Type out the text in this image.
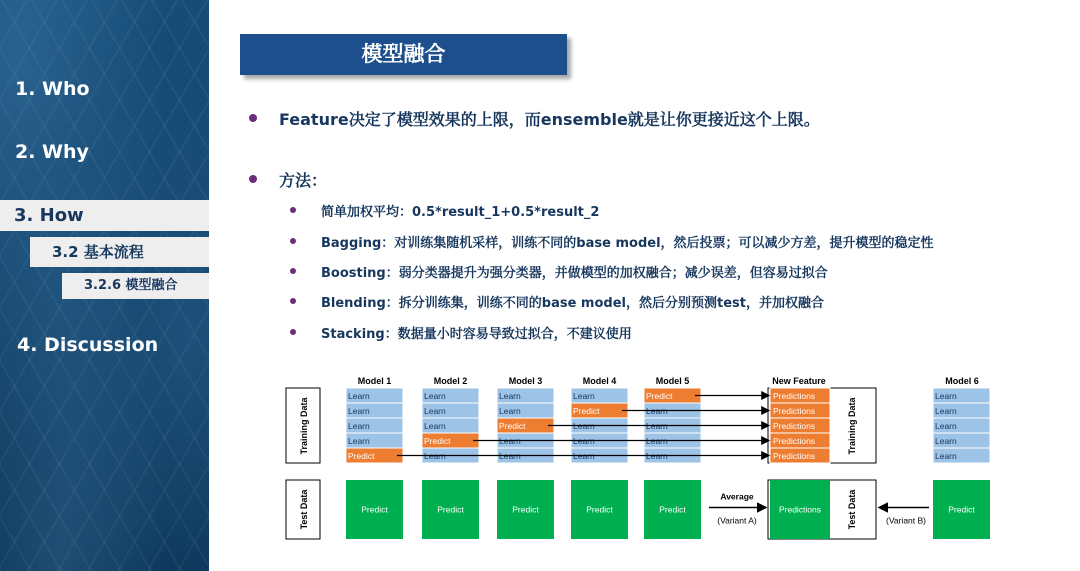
1. Who
2. Why
3. How
3.2 基本流程
3.2.6 模型融合
4. Discussion
模型融合
Feature决定了模型效果的上限，而ensemble就是让你更接近这个上限。
方法：
简单加权平均：0.5*result_1+0.5*result_2
Bagging：对训练集随机采样，训练不同的base model，然后投票；可以减少方差，提升模型的稳定性
Boosting：弱分类器提升为强分类器，并做模型的加权融合；减少误差，但容易过拟合
Blending：拆分训练集，训练不同的base model，然后分别预测test，并加权融合
Stacking：数据量小时容易导致过拟合，不建议使用
Training Data
Test Data
Model 1
Learn
Learn
Learn
Learn
Predict
Predict
Model 2
Learn
Learn
Learn
Predict
Learn
Predict
Model 3
Learn
Learn
Predict
Learn
Learn
Predict
Model 4
Learn
Predict
Learn
Learn
Learn
Predict
Model 5
Predict
Learn
Learn
Learn
Learn
Predict
New Feature
Predictions
Predictions
Predictions
Predictions
Predictions
Training Data
Predictions	Test Data
Model 6
Learn
Learn
Learn
Learn
Learn
Predict
Average
(Variant A)	(Variant B)
